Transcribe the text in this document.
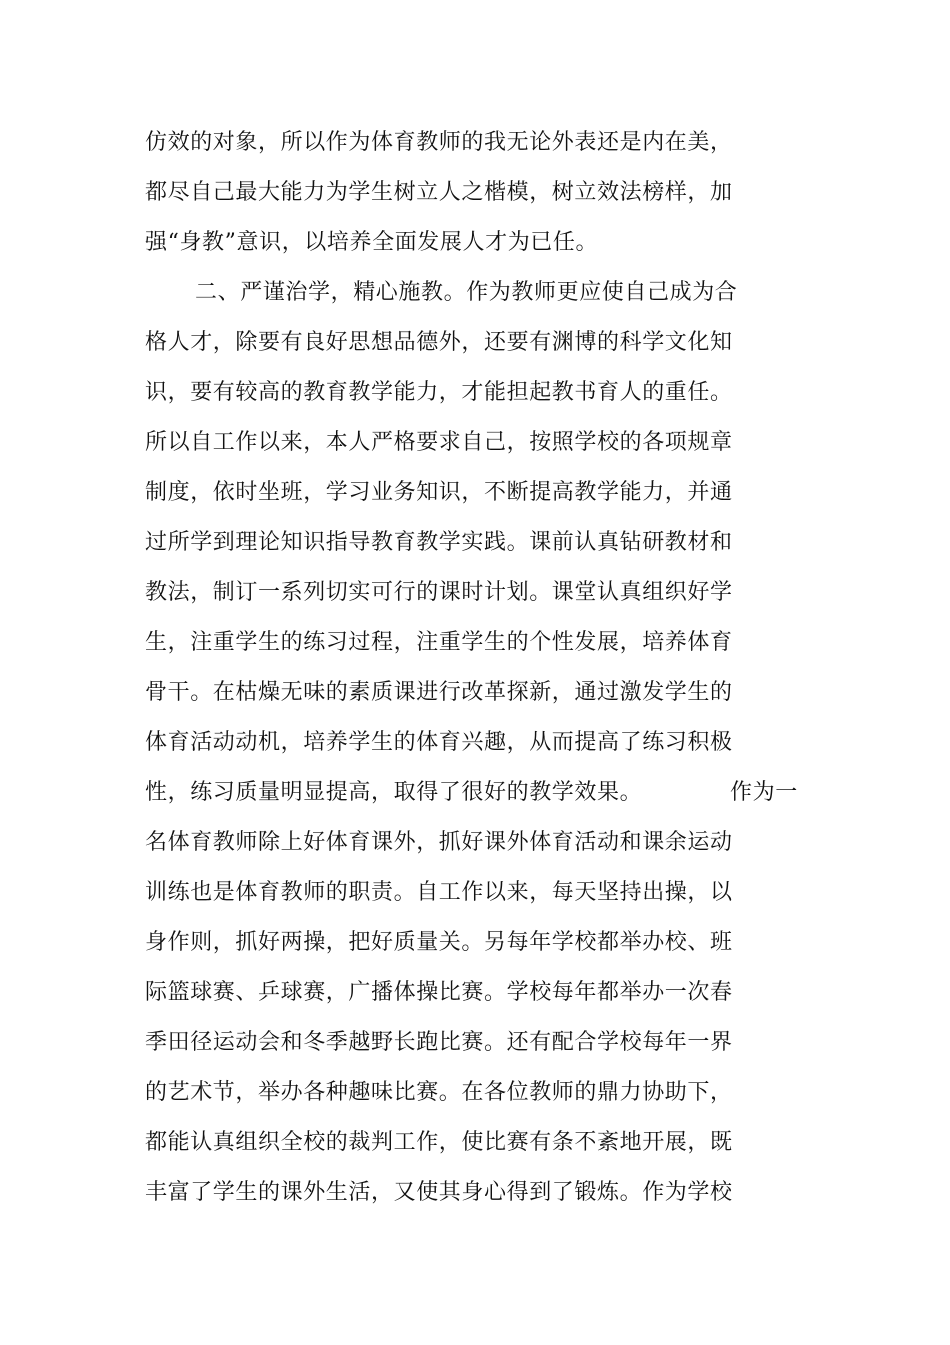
仿效的对象，所以作为体育教师的我无论外表还是内在美，
都尽自己最大能力为学生树立人之楷模，树立效法榜样，加
强“身教”意识，以培养全面发展人才为已任。
二、严谨治学，精心施教。作为教师更应使自己成为合
格人才，除要有良好思想品德外，还要有渊博的科学文化知
识，要有较高的教育教学能力，才能担起教书育人的重任。
所以自工作以来，本人严格要求自己，按照学校的各项规章
制度，依时坐班，学习业务知识，不断提高教学能力，并通
过所学到理论知识指导教育教学实践。课前认真钻研教材和
教法，制订一系列切实可行的课时计划。课堂认真组织好学
生，注重学生的练习过程，注重学生的个性发展，培养体育
骨干。在枯燥无味的素质课进行改革探新，通过激发学生的
体育活动动机，培养学生的体育兴趣，从而提高了练习积极
性，练习质量明显提高，取得了很好的教学效果。	作为一
名体育教师除上好体育课外，抓好课外体育活动和课余运动
训练也是体育教师的职责。自工作以来，每天坚持出操，以
身作则，抓好两操，把好质量关。另每年学校都举办校、班
际篮球赛、乒球赛，广播体操比赛。学校每年都举办一次春
季田径运动会和冬季越野长跑比赛。还有配合学校每年一界
的艺术节，举办各种趣味比赛。在各位教师的鼎力协助下，
都能认真组织全校的裁判工作，使比赛有条不紊地开展，既
丰富了学生的课外生活，又使其身心得到了锻炼。作为学校
